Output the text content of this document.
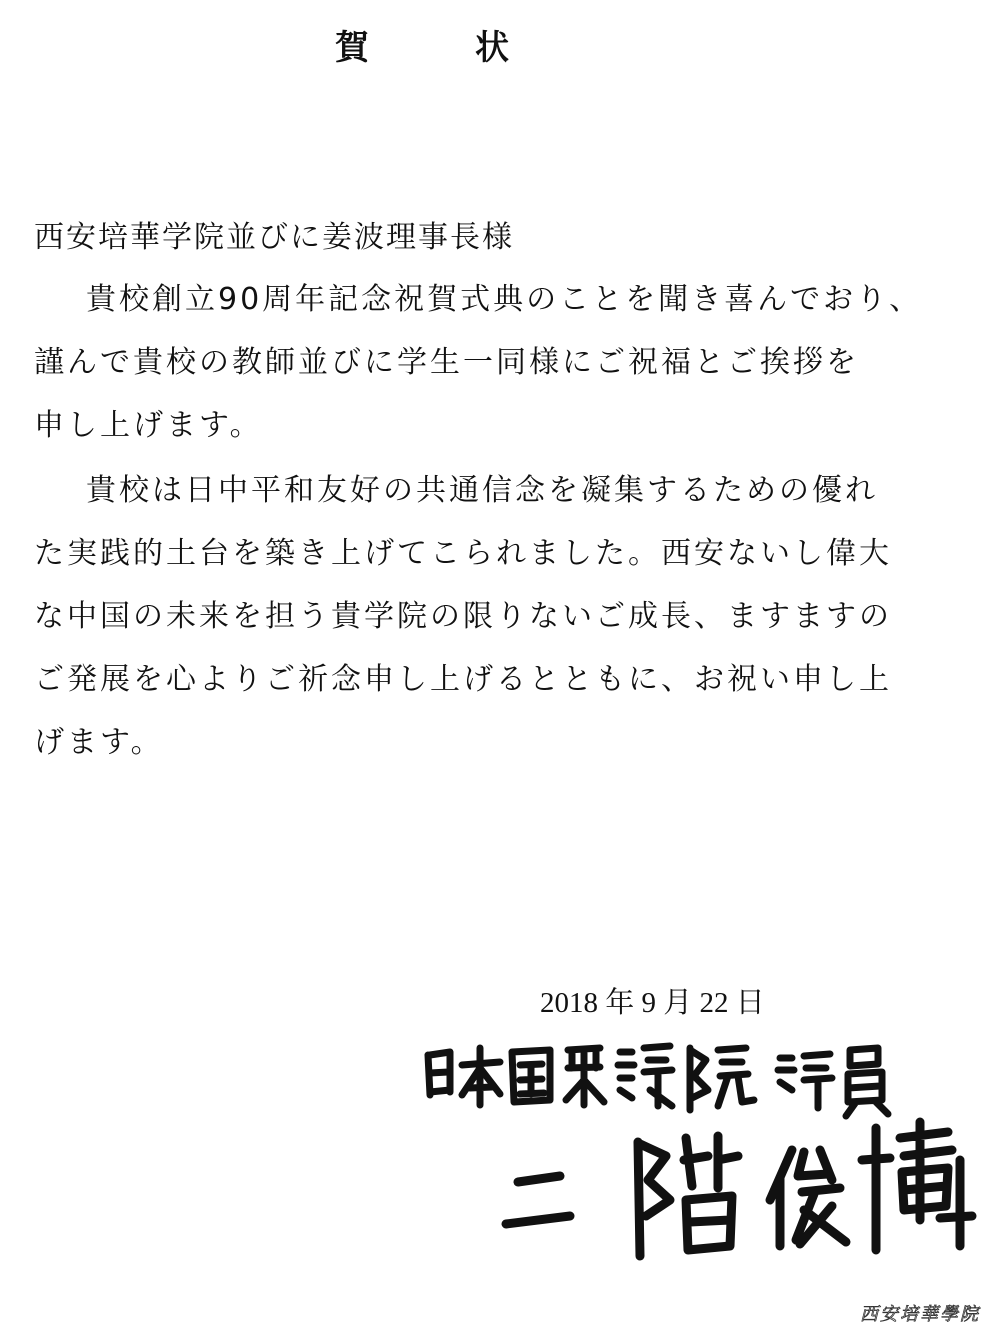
賀　状
西安培華学院並びに姜波理事長様

貴校創立90周年記念祝賀式典のことを聞き喜んでおり、
謹んで貴校の教師並びに学生一同様にご祝福とご挨拶を
申し上げます。

貴校は日中平和友好の共通信念を凝集するための優れ
た実践的土台を築き上げてこられました。西安ないし偉大
な中国の未来を担う貴学院の限りないご成長、ますますの
ご発展を心よりご祈念申し上げるとともに、お祝い申し上
げます。

2018 年 9 月 22 日
西安培華學院
